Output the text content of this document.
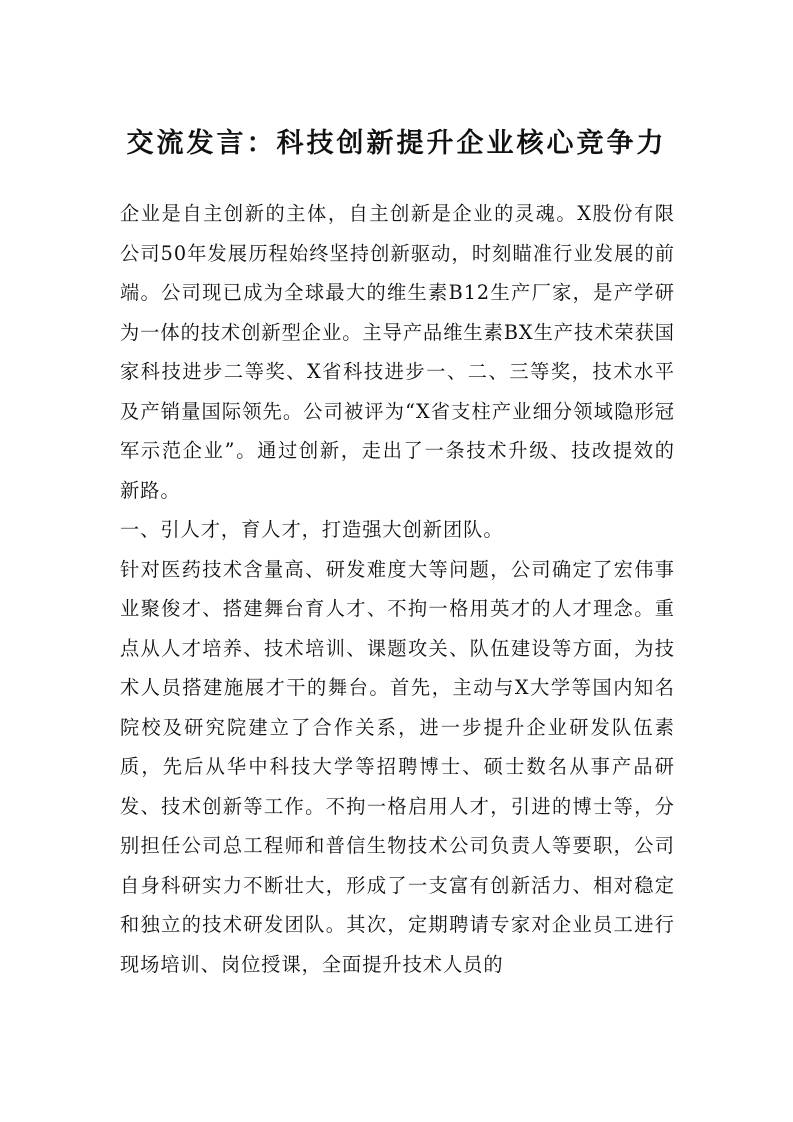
交流发言：科技创新提升企业核心竞争力

企业是自主创新的主体，自主创新是企业的灵魂。X股份有限公司50年发展历程始终坚持创新驱动，时刻瞄准行业发展的前端。公司现已成为全球最大的维生素B12生产厂家，是产学研为一体的技术创新型企业。主导产品维生素BX生产技术荣获国家科技进步二等奖、X省科技进步一、二、三等奖，技术水平及产销量国际领先。公司被评为“X省支柱产业细分领域隐形冠军示范企业”。通过创新，走出了一条技术升级、技改提效的新路。

一、引人才，育人才，打造强大创新团队。

针对医药技术含量高、研发难度大等问题，公司确定了宏伟事业聚俊才、搭建舞台育人才、不拘一格用英才的人才理念。重点从人才培养、技术培训、课题攻关、队伍建设等方面，为技术人员搭建施展才干的舞台。首先，主动与X大学等国内知名院校及研究院建立了合作关系，进一步提升企业研发队伍素质，先后从华中科技大学等招聘博士、硕士数名从事产品研发、技术创新等工作。不拘一格启用人才，引进的博士等，分别担任公司总工程师和普信生物技术公司负责人等要职，公司自身科研实力不断壮大，形成了一支富有创新活力、相对稳定和独立的技术研发团队。其次，定期聘请专家对企业员工进行现场培训、岗位授课，全面提升技术人员的
